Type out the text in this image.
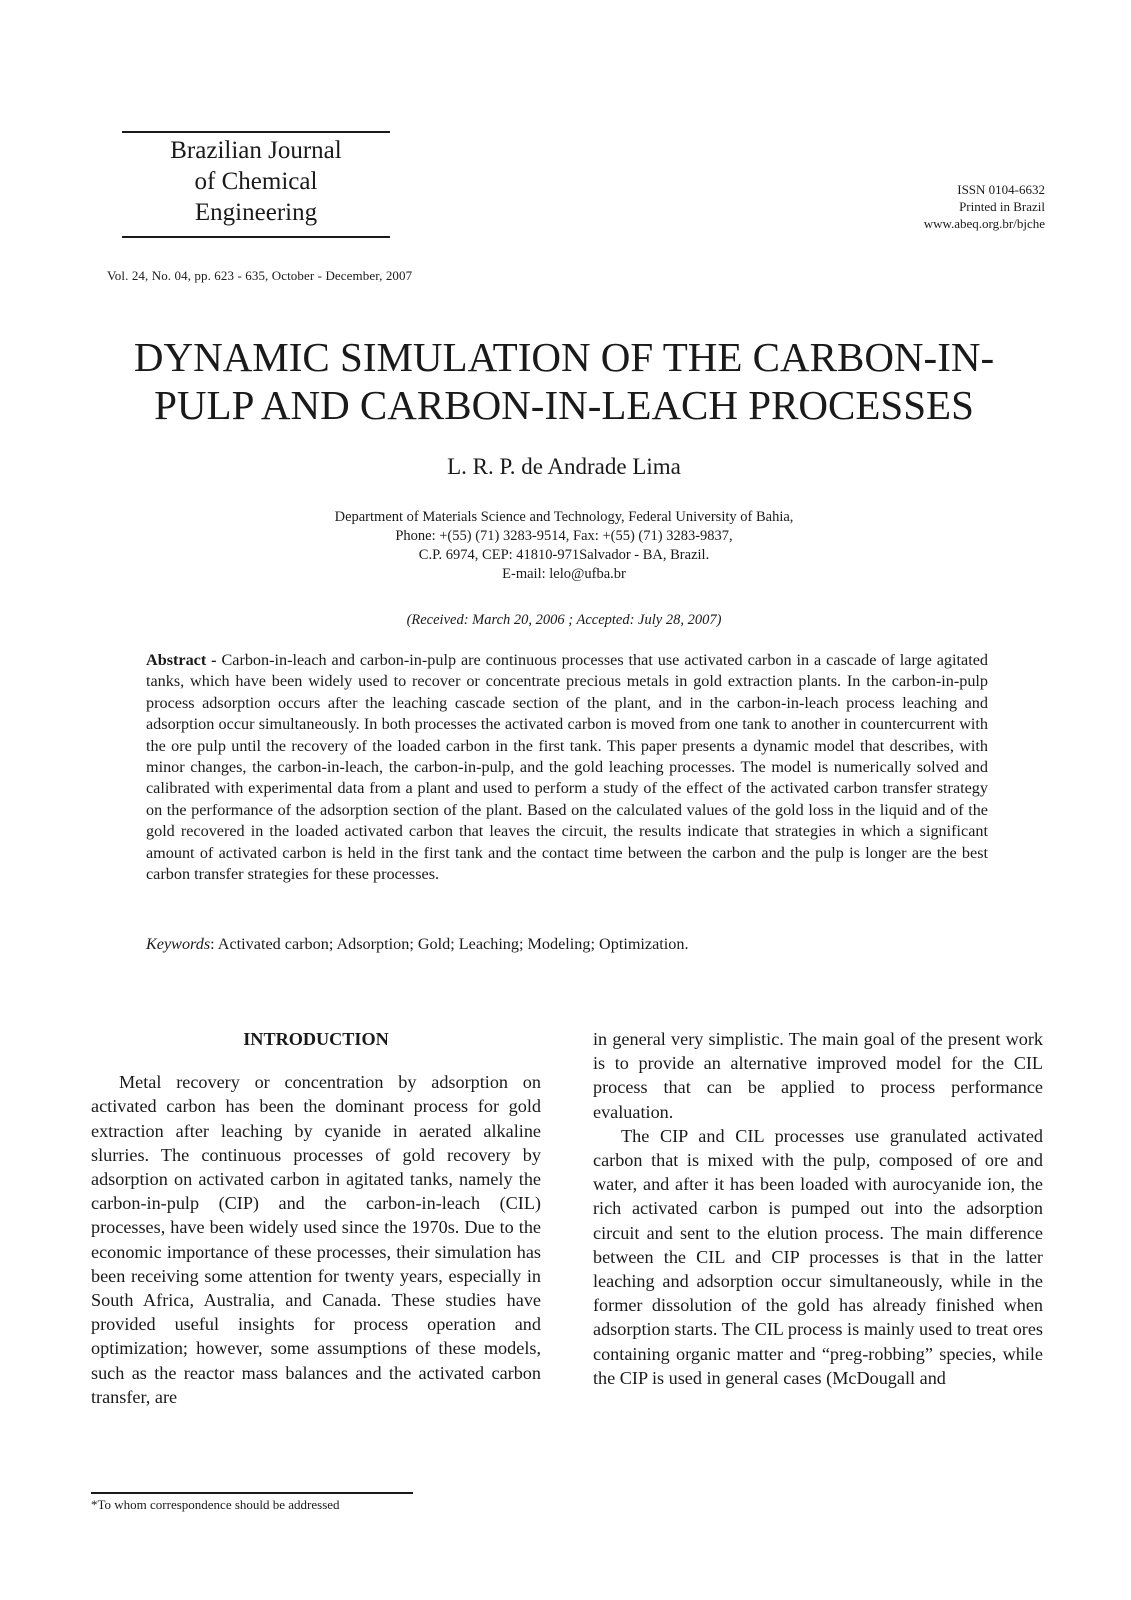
Brazilian Journal
of Chemical
Engineering
ISSN 0104-6632
Printed in Brazil
www.abeq.org.br/bjche
Vol. 24, No. 04, pp. 623 - 635, October - December, 2007
DYNAMIC SIMULATION OF THE CARBON-IN-
PULP AND CARBON-IN-LEACH PROCESSES
L. R. P. de Andrade Lima
Department of Materials Science and Technology, Federal University of Bahia,
Phone: +(55) (71) 3283-9514, Fax: +(55) (71) 3283-9837,
C.P. 6974, CEP: 41810-971Salvador - BA, Brazil.
E-mail: lelo@ufba.br
(Received: March 20, 2006 ; Accepted: July 28, 2007)
Abstract - Carbon-in-leach and carbon-in-pulp are continuous processes that use activated carbon in a cascade of large agitated tanks, which have been widely used to recover or concentrate precious metals in gold extraction plants. In the carbon-in-pulp process adsorption occurs after the leaching cascade section of the plant, and in the carbon-in-leach process leaching and adsorption occur simultaneously. In both processes the activated carbon is moved from one tank to another in countercurrent with the ore pulp until the recovery of the loaded carbon in the first tank. This paper presents a dynamic model that describes, with minor changes, the carbon-in-leach, the carbon-in-pulp, and the gold leaching processes. The model is numerically solved and calibrated with experimental data from a plant and used to perform a study of the effect of the activated carbon transfer strategy on the performance of the adsorption section of the plant. Based on the calculated values of the gold loss in the liquid and of the gold recovered in the loaded activated carbon that leaves the circuit, the results indicate that strategies in which a significant amount of activated carbon is held in the first tank and the contact time between the carbon and the pulp is longer are the best carbon transfer strategies for these processes.
Keywords: Activated carbon; Adsorption; Gold; Leaching; Modeling; Optimization.
INTRODUCTION

Metal recovery or concentration by adsorption on activated carbon has been the dominant process for gold extraction after leaching by cyanide in aerated alkaline slurries. The continuous processes of gold recovery by adsorption on activated carbon in agitated tanks, namely the carbon-in-pulp (CIP) and the carbon-in-leach (CIL) processes, have been widely used since the 1970s. Due to the economic importance of these processes, their simulation has been receiving some attention for twenty years, especially in South Africa, Australia, and Canada. These studies have provided useful insights for process operation and optimization; however, some assumptions of these models, such as the reactor mass balances and the activated carbon transfer, are

in general very simplistic. The main goal of the present work is to provide an alternative improved model for the CIL process that can be applied to process performance evaluation.

The CIP and CIL processes use granulated activated carbon that is mixed with the pulp, composed of ore and water, and after it has been loaded with aurocyanide ion, the rich activated carbon is pumped out into the adsorption circuit and sent to the elution process. The main difference between the CIL and CIP processes is that in the latter leaching and adsorption occur simultaneously, while in the former dissolution of the gold has already finished when adsorption starts. The CIL process is mainly used to treat ores containing organic matter and “preg-robbing” species, while the CIP is used in general cases (McDougall and

*To whom correspondence should be addressed
